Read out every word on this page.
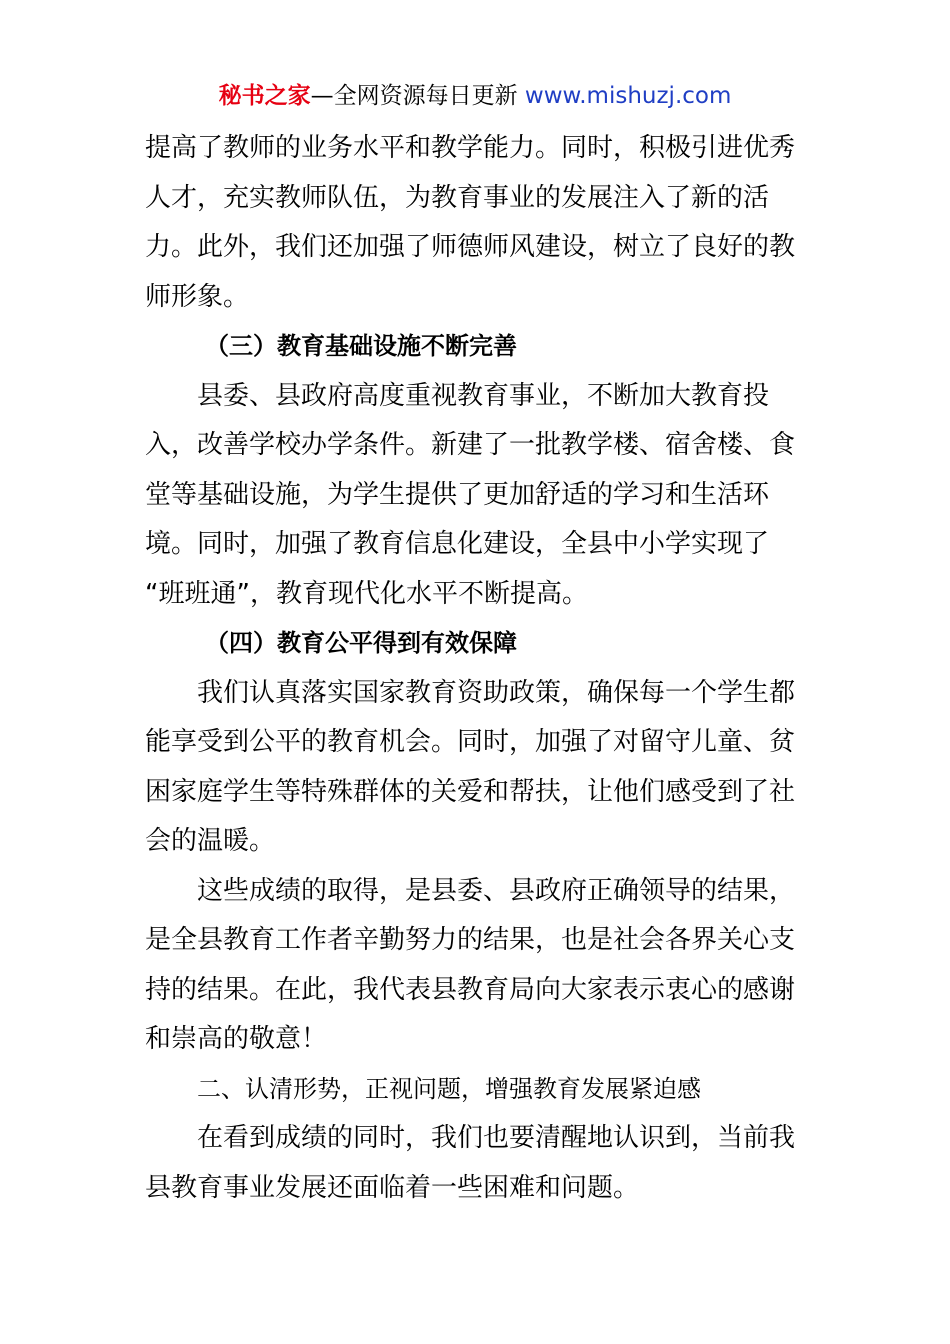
秘书之家—全网资源每日更新 www.mishuzj.com
提高了教师的业务水平和教学能力。同时，积极引进优秀
人才，充实教师队伍，为教育事业的发展注入了新的活
力。此外，我们还加强了师德师风建设，树立了良好的教
师形象。
（三）教育基础设施不断完善
县委、县政府高度重视教育事业，不断加大教育投
入，改善学校办学条件。新建了一批教学楼、宿舍楼、食
堂等基础设施，为学生提供了更加舒适的学习和生活环
境。同时，加强了教育信息化建设，全县中小学实现了
“班班通”，教育现代化水平不断提高。
（四）教育公平得到有效保障
我们认真落实国家教育资助政策，确保每一个学生都
能享受到公平的教育机会。同时，加强了对留守儿童、贫
困家庭学生等特殊群体的关爱和帮扶，让他们感受到了社
会的温暖。
这些成绩的取得，是县委、县政府正确领导的结果，
是全县教育工作者辛勤努力的结果，也是社会各界关心支
持的结果。在此，我代表县教育局向大家表示衷心的感谢
和崇高的敬意！
二、认清形势，正视问题，增强教育发展紧迫感
在看到成绩的同时，我们也要清醒地认识到，当前我
县教育事业发展还面临着一些困难和问题。
